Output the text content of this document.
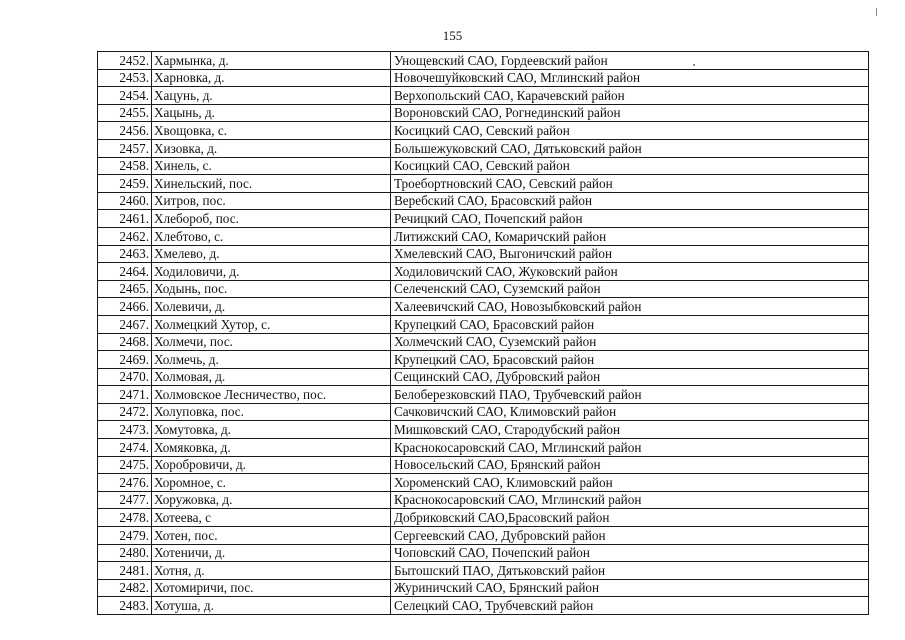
155
2452.	Хармынка, д.	Унощевский САО, Гордеевский район
2453.	Харновка, д.	Новочешуйковский САО, Мглинский район
2454.	Хацунь, д.	Верхопольский САО, Карачевский район
2455.	Хацынь, д.	Вороновский САО, Рогнединский район
2456.	Хвощовка, с.	Косицкий САО, Севский район
2457.	Хизовка, д.	Большежуковский САО, Дятьковский район
2458.	Хинель, с.	Косицкий САО, Севский район
2459.	Хинельский, пос.	Троебортновский САО, Севский район
2460.	Хитров, пос.	Веребский САО, Брасовский район
2461.	Хлебороб, пос.	Речицкий САО, Почепский район
2462.	Хлебтово, с.	Литижский САО, Комаричский район
2463.	Хмелево, д.	Хмелевский САО, Выгоничский район
2464.	Ходиловичи, д.	Ходиловичский САО, Жуковский район
2465.	Ходынь, пос.	Селеченский САО, Суземский район
2466.	Холевичи, д.	Халеевичский САО, Новозыбковский район
2467.	Холмецкий Хутор, с.	Крупецкий САО, Брасовский район
2468.	Холмечи, пос.	Холмечский САО, Суземский район
2469.	Холмечь, д.	Крупецкий САО, Брасовский район
2470.	Холмовая, д.	Сещинский САО, Дубровский район
2471.	Холмовское Лесничество, пос.	Белоберезковский ПАО, Трубчевский район
2472.	Холуповка, пос.	Сачковичский САО, Климовский район
2473.	Хомутовка, д.	Мишковский САО, Стародубский район
2474.	Хомяковка, д.	Краснокосаровский САО, Мглинский район
2475.	Хоробровичи, д.	Новосельский САО, Брянский район
2476.	Хоромное, с.	Хороменский САО, Климовский район
2477.	Хоружовка, д.	Краснокосаровский САО, Мглинский район
2478.	Хотеева, с	Добриковский САО,Брасовский район
2479.	Хотен, пос.	Сергеевский САО, Дубровский район
2480.	Хотеничи, д.	Чоповский САО, Почепский район
2481.	Хотня, д.	Бытошский ПАО, Дятьковский район
2482.	Хотомиричи, пос.	Журиничский САО, Брянский район
2483.	Хотуша, д.	Селецкий САО, Трубчевский район
